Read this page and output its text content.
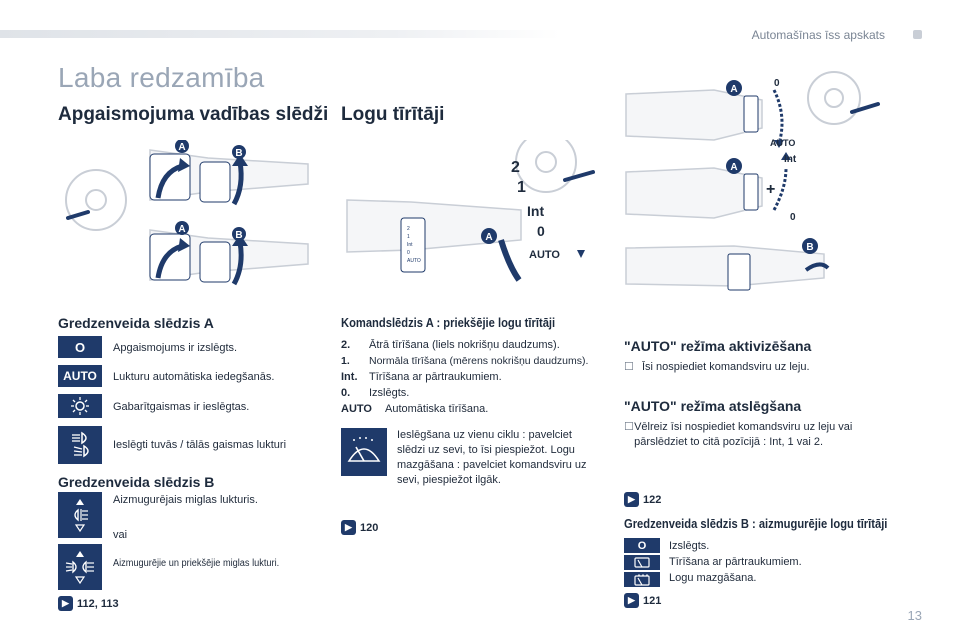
Automašīnas īss apskats
Laba redzamība
Apgaismojuma vadības slēdži
A
B
A
B
Gredzenveida slēdzis A
O	Apgaismojums ir izslēgts.
AUTO	Lukturu automātiska iedegšanās.
Gabarītgaismas ir ieslēgtas.
Ieslēgti tuvās / tālās gaismas lukturi
Gredzenveida slēdzis B
Aizmugurējais miglas lukturis.
vai
Aizmugurējie un priekšējie miglas lukturi.
▶ 112, 113
Logu tīrītāji
2
1
Int
0
AUTO
2
1
Int
0
AUTO
A
Komandslēdzis A : priekšējie logu tīrītāji
2.	Ātrā tīrīšana (liels nokrišņu daudzums).
1.	Normāla tīrīšana (mērens nokrišņu daudzums).
Int.	Tīrīšana ar pārtraukumiem.
0.	Izslēgts.
AUTO	Automātiska tīrīšana.
Ieslēgšana uz vienu ciklu : pavelciet slēdzi uz sevi, to īsi piespiežot. Logu mazgāšana : pavelciet komandsviru uz sevi, piespiežot ilgāk.
▶ 120
0
AUTO
Int
+
0
A
A
B
"AUTO" režīma aktivizēšana
☐ Īsi nospiediet komandsviru uz leju.
"AUTO" režīma atslēgšana
☐ Vēlreiz īsi nospiediet komandsviru uz leju vai pārslēdziet to citā pozīcijā : Int, 1 vai 2.
▶ 122
Gredzenveida slēdzis B : aizmugurējie logu tīrītāji
O	Izslēgts.
Tīrīšana ar pārtraukumiem.
Logu mazgāšana.
▶ 121
13
